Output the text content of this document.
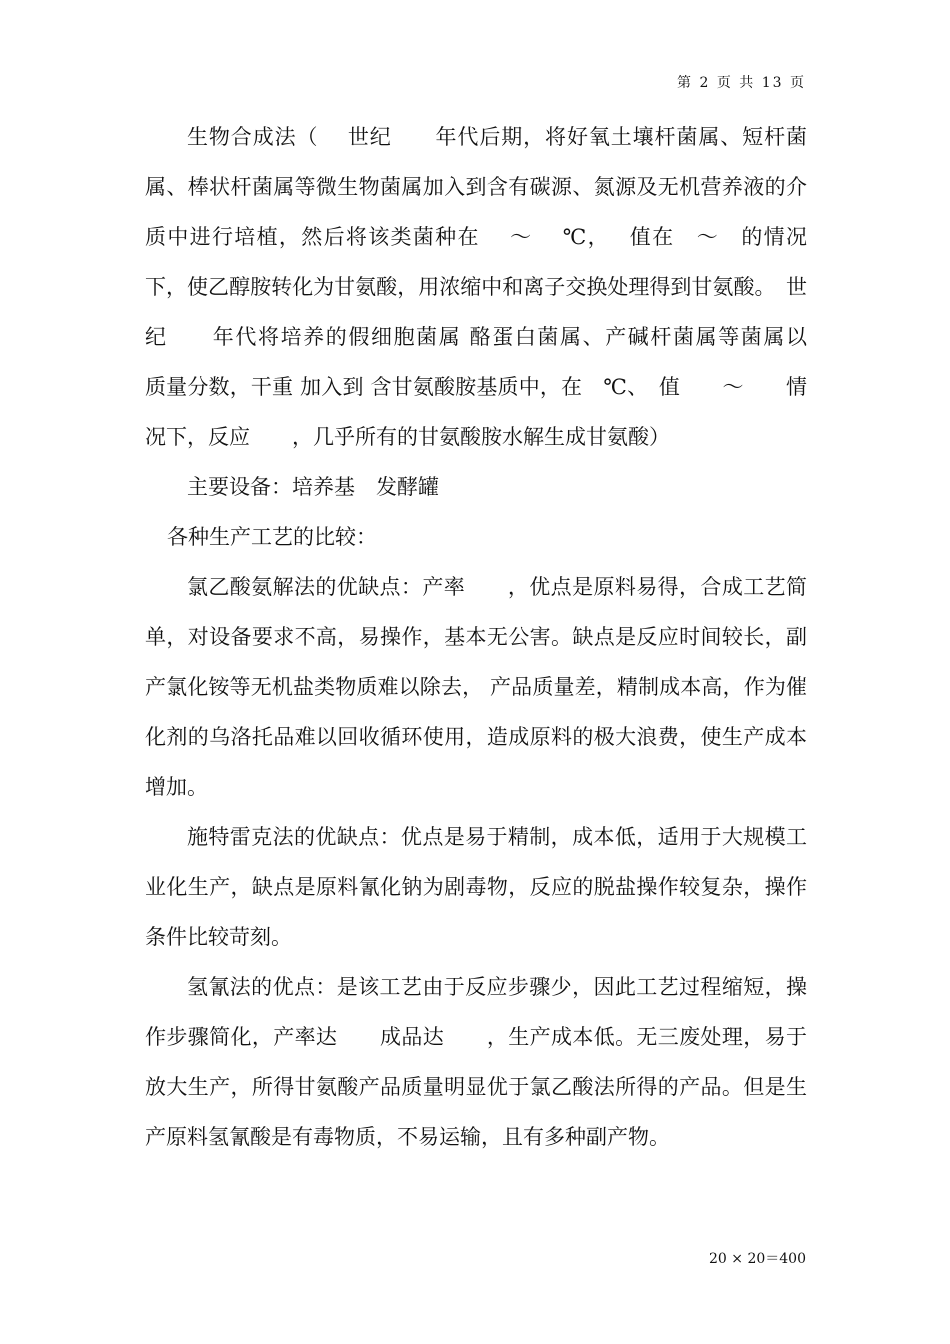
第 2 页 共 13 页

生物合成法（　 世纪　　年代后期，将好氧土壤杆菌属、短杆菌属、棒状杆菌属等微生物菌属加入到含有碳源、氮源及无机营养液的介质中进行培植，然后将该类菌种在　 ～　 ℃，　 值在　～　的情况下，使乙醇胺转化为甘氨酸，用浓缩中和离子交换处理得到甘氨酸。　世纪　　年代将培养的假细胞菌属 酪蛋白菌属、产碱杆菌属等菌属以　　　质量分数，干重 加入到 含甘氨酸胺基质中，在　℃、　值　　～　　情况下，反应　　，几乎所有的甘氨酸胺水解生成甘氨酸）

主要设备：培养基　发酵罐

各种生产工艺的比较：

氯乙酸氨解法的优缺点：产率　　，优点是原料易得，合成工艺简单，对设备要求不高，易操作，基本无公害。缺点是反应时间较长，副产氯化铵等无机盐类物质难以除去， 产品质量差，精制成本高，作为催化剂的乌洛托品难以回收循环使用，造成原料的极大浪费，使生产成本增加。

施特雷克法的优缺点：优点是易于精制，成本低，适用于大规模工业化生产，缺点是原料氰化钠为剧毒物，反应的脱盐操作较复杂，操作条件比较苛刻。

氢氰法的优点：是该工艺由于反应步骤少，因此工艺过程缩短，操作步骤简化，产率达　　成品达　　，生产成本低。无三废处理，易于放大生产，所得甘氨酸产品质量明显优于氯乙酸法所得的产品。但是生产原料氢氰酸是有毒物质，不易运输，且有多种副产物。

20 × 20＝400
